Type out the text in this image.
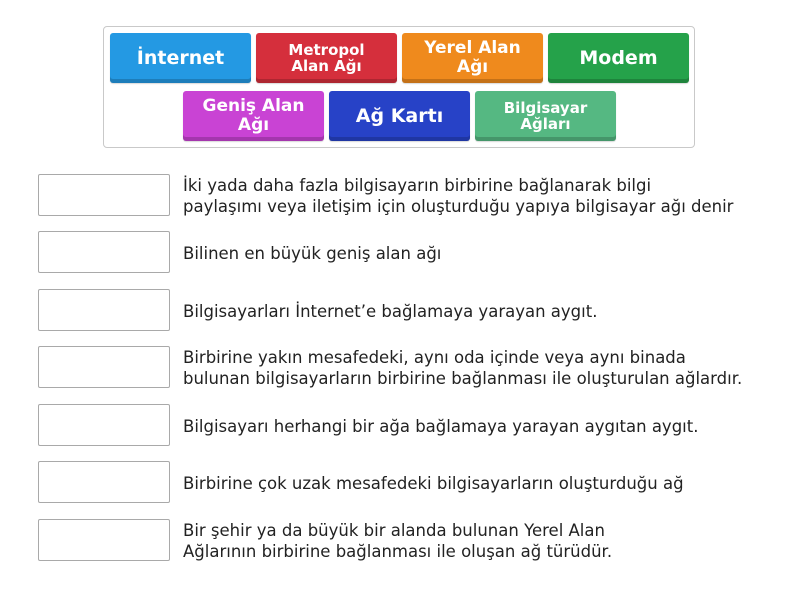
İnternet	Metropol
Alan Ağı
Yerel Alan Ağı	Modem
Geniş Alan Ağı	Ağ Kartı	Bilgisayar
Ağları
İki yada daha fazla bilgisayarın birbirine bağlanarak bilgi
paylaşımı veya iletişim için oluşturduğu yapıya bilgisayar ağı denir
Bilinen en büyük geniş alan ağı
Bilgisayarları İnternet’e bağlamaya yarayan aygıt.
Birbirine yakın mesafedeki, aynı oda içinde veya aynı binada
bulunan bilgisayarların birbirine bağlanması ile oluşturulan ağlardır.
Bilgisayarı herhangi bir ağa bağlamaya yarayan aygıtan aygıt.
Birbirine çok uzak mesafedeki bilgisayarların oluşturduğu ağ
Bir şehir ya da büyük bir alanda bulunan Yerel Alan
Ağlarının birbirine bağlanması ile oluşan ağ türüdür.
